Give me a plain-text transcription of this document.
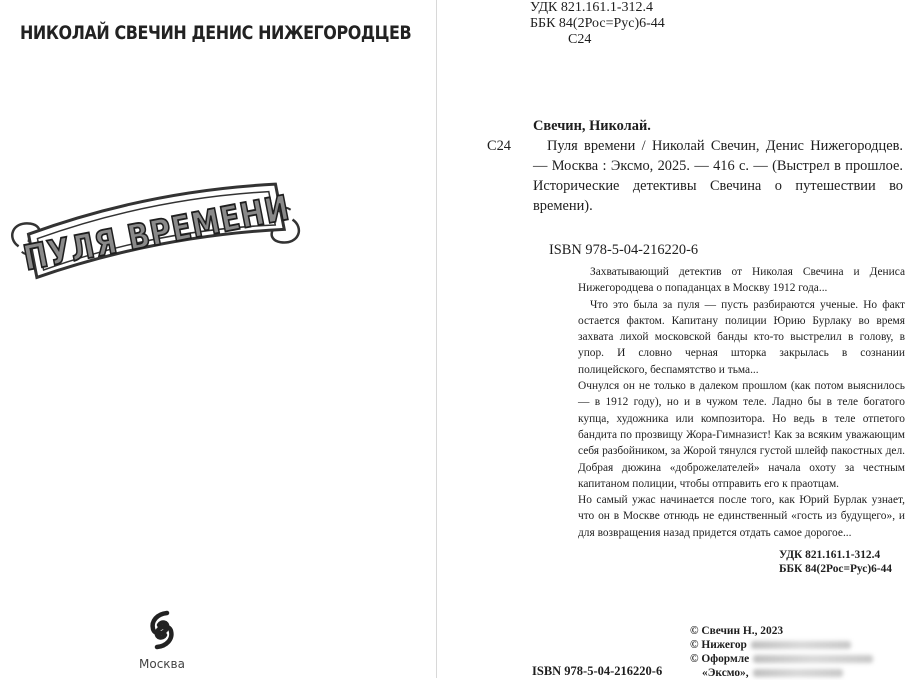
НИКОЛАЙ СВЕЧИН ДЕНИС НИЖЕГОРОДЦЕВ
ПУЛЯ ВРЕМЕНИ
Москва
УДК 821.161.1-312.4
ББК 84(2Рос=Рус)6-44
С24
Свечин, Николай.
С24	Пуля времени / Николай Свечин, Денис Нижегородцев. — Москва : Эксмо, 2025. — 416 с. — (Выстрел в прошлое. Исторические детективы Свечина о путешествии во времени).

ISBN 978-5-04-216220-6

Захватывающий детектив от Николая Свечина и Дениса Нижегородцева о попаданцах в Москву 1912 года...

Что это была за пуля — пусть разбираются ученые. Но факт остается фактом. Капитану полиции Юрию Бурлаку во время захвата лихой московской банды кто-то выстрелил в голову, в упор. И словно черная шторка закрылась в сознании полицейского, беспамятство и тьма...

Очнулся он не только в далеком прошлом (как потом выяснилось — в 1912 году), но и в чужом теле. Ладно бы в теле богатого купца, художника или композитора. Но ведь в теле отпетого бандита по прозвищу Жора-Гимназист! Как за всяким уважающим себя разбойником, за Жорой тянулся густой шлейф пакостных дел. Добрая дюжина «доброжелателей» начала охоту за честным капитаном полиции, чтобы отправить его к праотцам.

Но самый ужас начинается после того, как Юрий Бурлак узнает, что он в Москве отнюдь не единственный «гость из будущего», и для возвращения назад придется отдать самое дорогое...

УДК 821.161.1-312.4
ББК 84(2Рос=Рус)6-44
© Свечин Н., 2023
© Нижегор
© Оформле
«Эксмо»,
ISBN 978-5-04-216220-6
